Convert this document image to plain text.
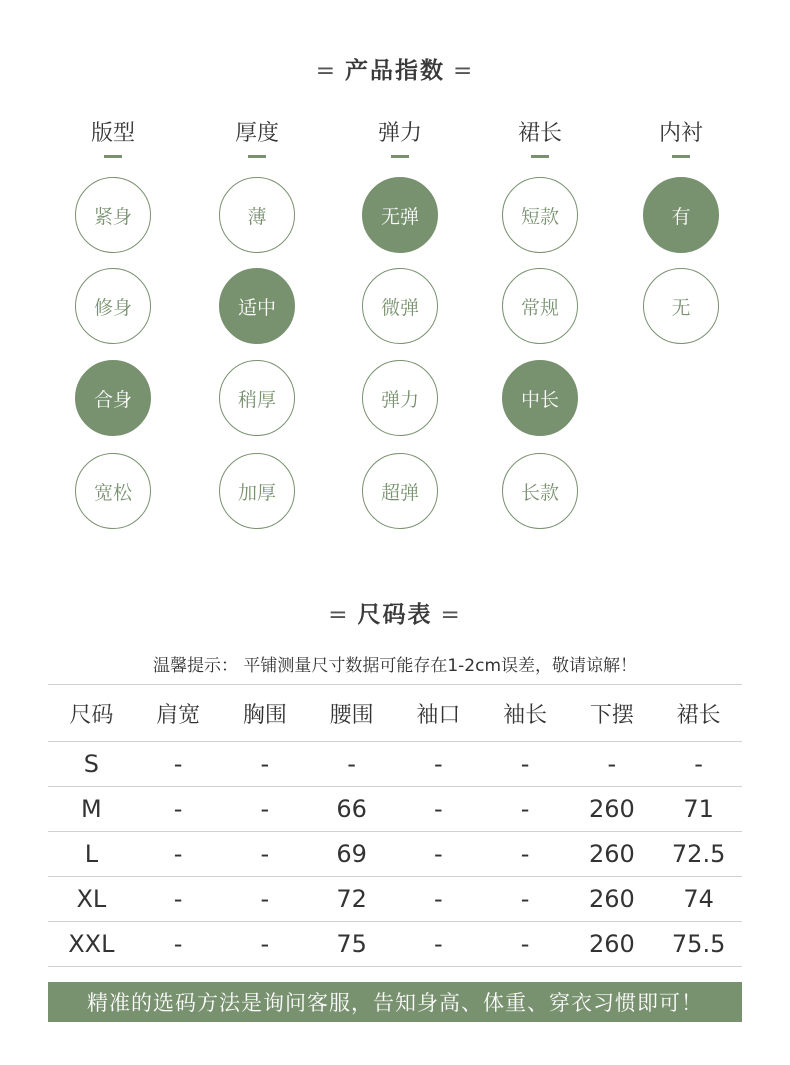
= 产品指数 =
版型
紧身
修身
合身
宽松
厚度
薄
适中
稍厚
加厚
弹力
无弹
微弹
弹力
超弹
裙长
短款
常规
中长
长款
内衬
有
无
= 尺码表 =
温馨提示： 平铺测量尺寸数据可能存在1-2cm误差，敬请谅解！
尺码	肩宽	胸围	腰围	袖口	袖长	下摆	裙长
S	-	-	-	-	-	-	-
M	-	-	66	-	-	260	71
L	-	-	69	-	-	260	72.5
XL	-	-	72	-	-	260	74
XXL	-	-	75	-	-	260	75.5
精准的选码方法是询问客服，告知身高、体重、穿衣习惯即可！
